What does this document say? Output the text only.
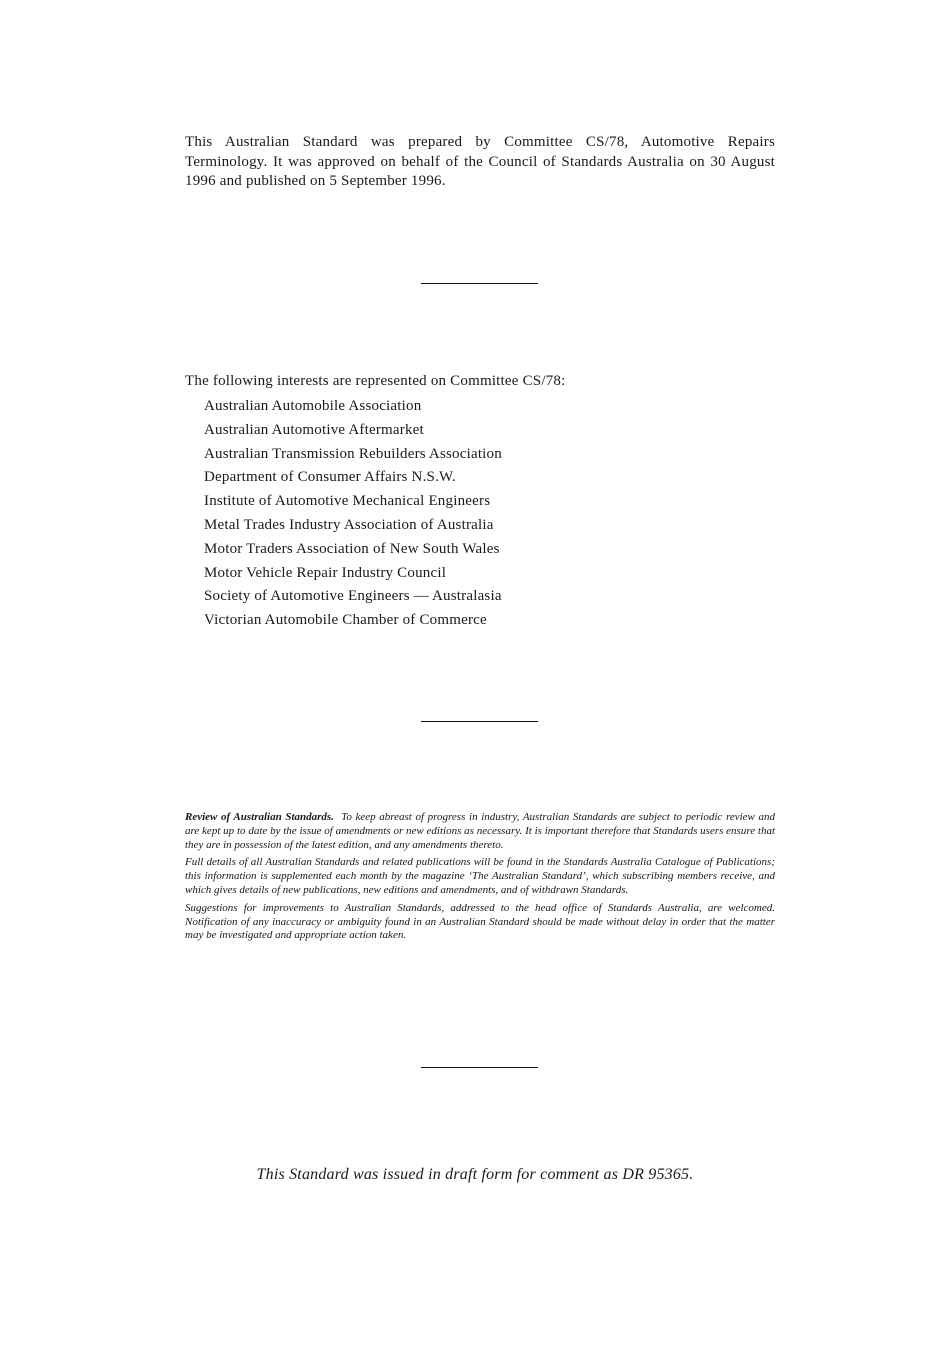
This Australian Standard was prepared by Committee CS/78, Automotive Repairs Terminology. It was approved on behalf of the Council of Standards Australia on 30 August 1996 and published on 5 September 1996.
The following interests are represented on Committee CS/78:
Australian Automobile Association
Australian Automotive Aftermarket
Australian Transmission Rebuilders Association
Department of Consumer Affairs N.S.W.
Institute of Automotive Mechanical Engineers
Metal Trades Industry Association of Australia
Motor Traders Association of New South Wales
Motor Vehicle Repair Industry Council
Society of Automotive Engineers — Australasia
Victorian Automobile Chamber of Commerce

Review of Australian Standards. To keep abreast of progress in industry, Australian Standards are subject to periodic review and are kept up to date by the issue of amendments or new editions as necessary. It is important therefore that Standards users ensure that they are in possession of the latest edition, and any amendments thereto.

Full details of all Australian Standards and related publications will be found in the Standards Australia Catalogue of Publications; this information is supplemented each month by the magazine ‘The Australian Standard’, which subscribing members receive, and which gives details of new publications, new editions and amendments, and of withdrawn Standards.

Suggestions for improvements to Australian Standards, addressed to the head office of Standards Australia, are welcomed. Notification of any inaccuracy or ambiguity found in an Australian Standard should be made without delay in order that the matter may be investigated and appropriate action taken.

This Standard was issued in draft form for comment as DR 95365.
